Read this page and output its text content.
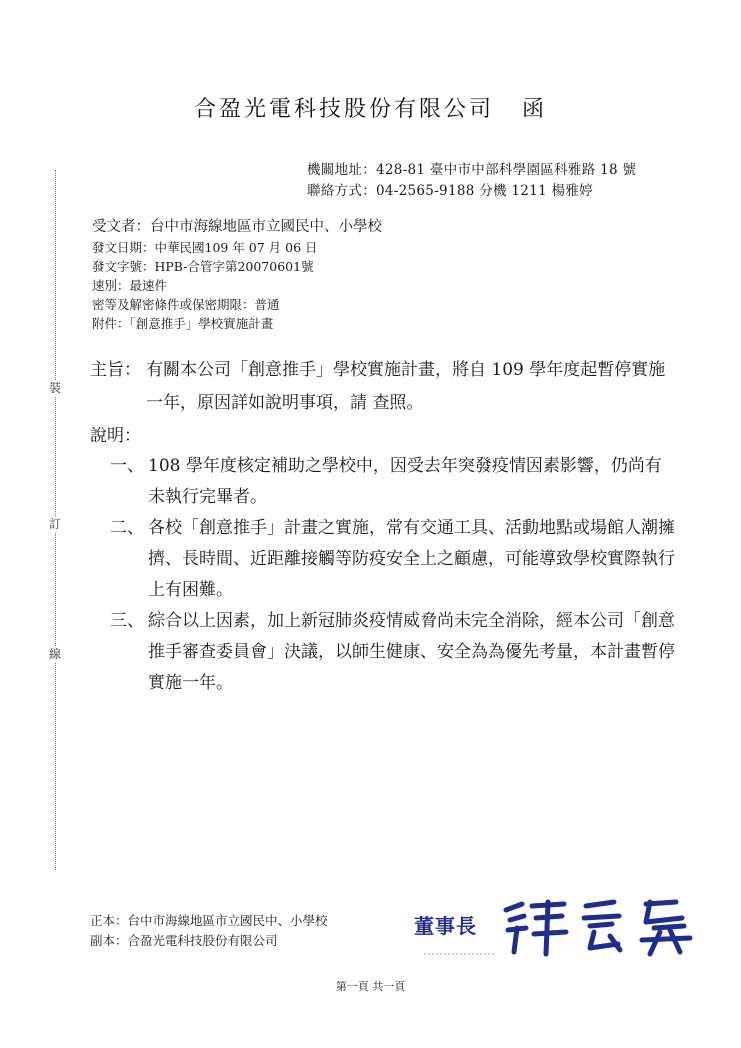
裝
訂
線
合盈光電科技股份有限公司 函
機關地址：428-81 臺中市中部科學園區科雅路 18 號
聯絡方式：04-2565-9188 分機 1211 楊雅婷
受文者：台中市海線地區市立國民中、小學校
發文日期：中華民國109 年 07 月 06 日
發文字號：HPB-合管字第20070601號
速別：最速件
密等及解密條件或保密期限：普通
附件：「創意推手」學校實施計畫
主旨： 有關本公司「創意推手」學校實施計畫，將自 109 學年度起暫停實施一年，原因詳如說明事項，請 查照。
說明：
一、 108 學年度核定補助之學校中，因受去年突發疫情因素影響，仍尚有未執行完畢者。
二、 各校「創意推手」計畫之實施，常有交通工具、活動地點或場館人潮擁擠、長時間、近距離接觸等防疫安全上之顧慮，可能導致學校實際執行上有困難。
三、 綜合以上因素，加上新冠肺炎疫情威脅尚未完全消除，經本公司「創意推手審查委員會」決議，以師生健康、安全為為優先考量，本計畫暫停實施一年。
正本：台中市海線地區市立國民中、小學校
副本：合盈光電科技股份有限公司
董事長
第一頁 共一頁
